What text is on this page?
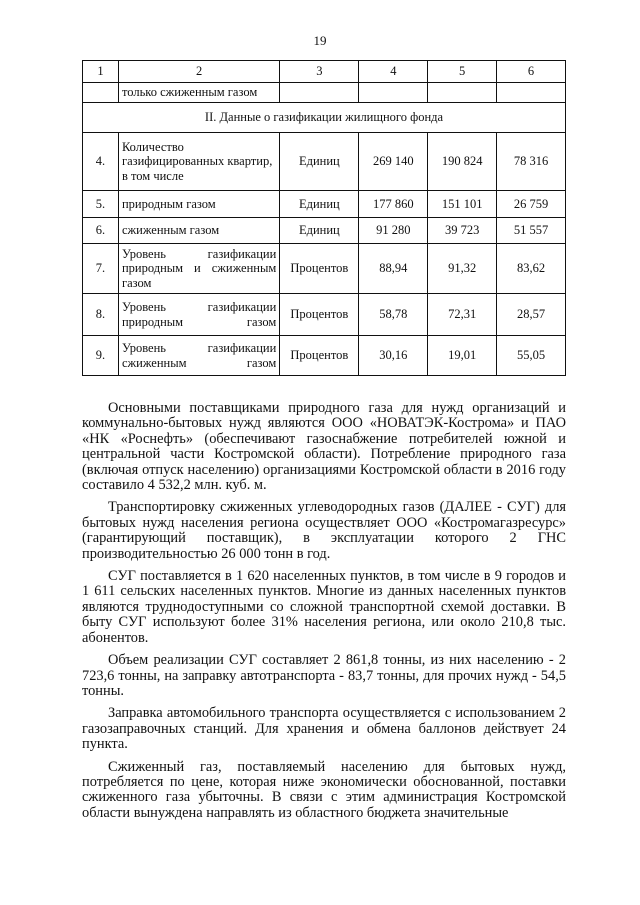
19
1	2	3	4	5	6
	только сжиженным газом				
II. Данные о газификации жилищного фонда					
4.	Количество газифицированных квартир, в том числе	Единиц	269 140	190 824	78 316
5.	природным газом	Единиц	177 860	151 101	26 759
6.	сжиженным газом	Единиц	91 280	39 723	51 557
7.	Уровень газификации природным и сжиженным газом	Процентов	88,94	91,32	83,62
8.	Уровень газификации природным газом	Процентов	58,78	72,31	28,57
9.	Уровень газификации сжиженным газом	Процентов	30,16	19,01	55,05

Основными поставщиками природного газа для нужд организаций и коммунально-бытовых нужд являются ООО «НОВАТЭК-Кострома» и ПАО «НК «Роснефть» (обеспечивают газоснабжение потребителей южной и центральной части Костромской области). Потребление природного газа (включая отпуск населению) организациями Костромской области в 2016 году составило 4 532,2 млн. куб. м.

Транспортировку сжиженных углеводородных газов (ДАЛЕЕ - СУГ) для бытовых нужд населения региона осуществляет ООО «Костромагазресурс» (гарантирующий поставщик), в эксплуатации которого 2 ГНС производительностью 26 000 тонн в год.

СУГ поставляется в 1 620 населенных пунктов, в том числе в 9 городов и 1 611 сельских населенных пунктов. Многие из данных населенных пунктов являются труднодоступными со сложной транспортной схемой доставки. В быту СУГ используют более 31% населения региона, или около 210,8 тыс. абонентов.

Объем реализации СУГ составляет 2 861,8 тонны, из них населению - 2 723,6 тонны, на заправку автотранспорта - 83,7 тонны, для прочих нужд - 54,5 тонны.

Заправка автомобильного транспорта осуществляется с использованием 2 газозаправочных станций. Для хранения и обмена баллонов действует 24 пункта.

Сжиженный газ, поставляемый населению для бытовых нужд, потребляется по цене, которая ниже экономически обоснованной, поставки сжиженного газа убыточны. В связи с этим администрация Костромской области вынуждена направлять из областного бюджета значительные
